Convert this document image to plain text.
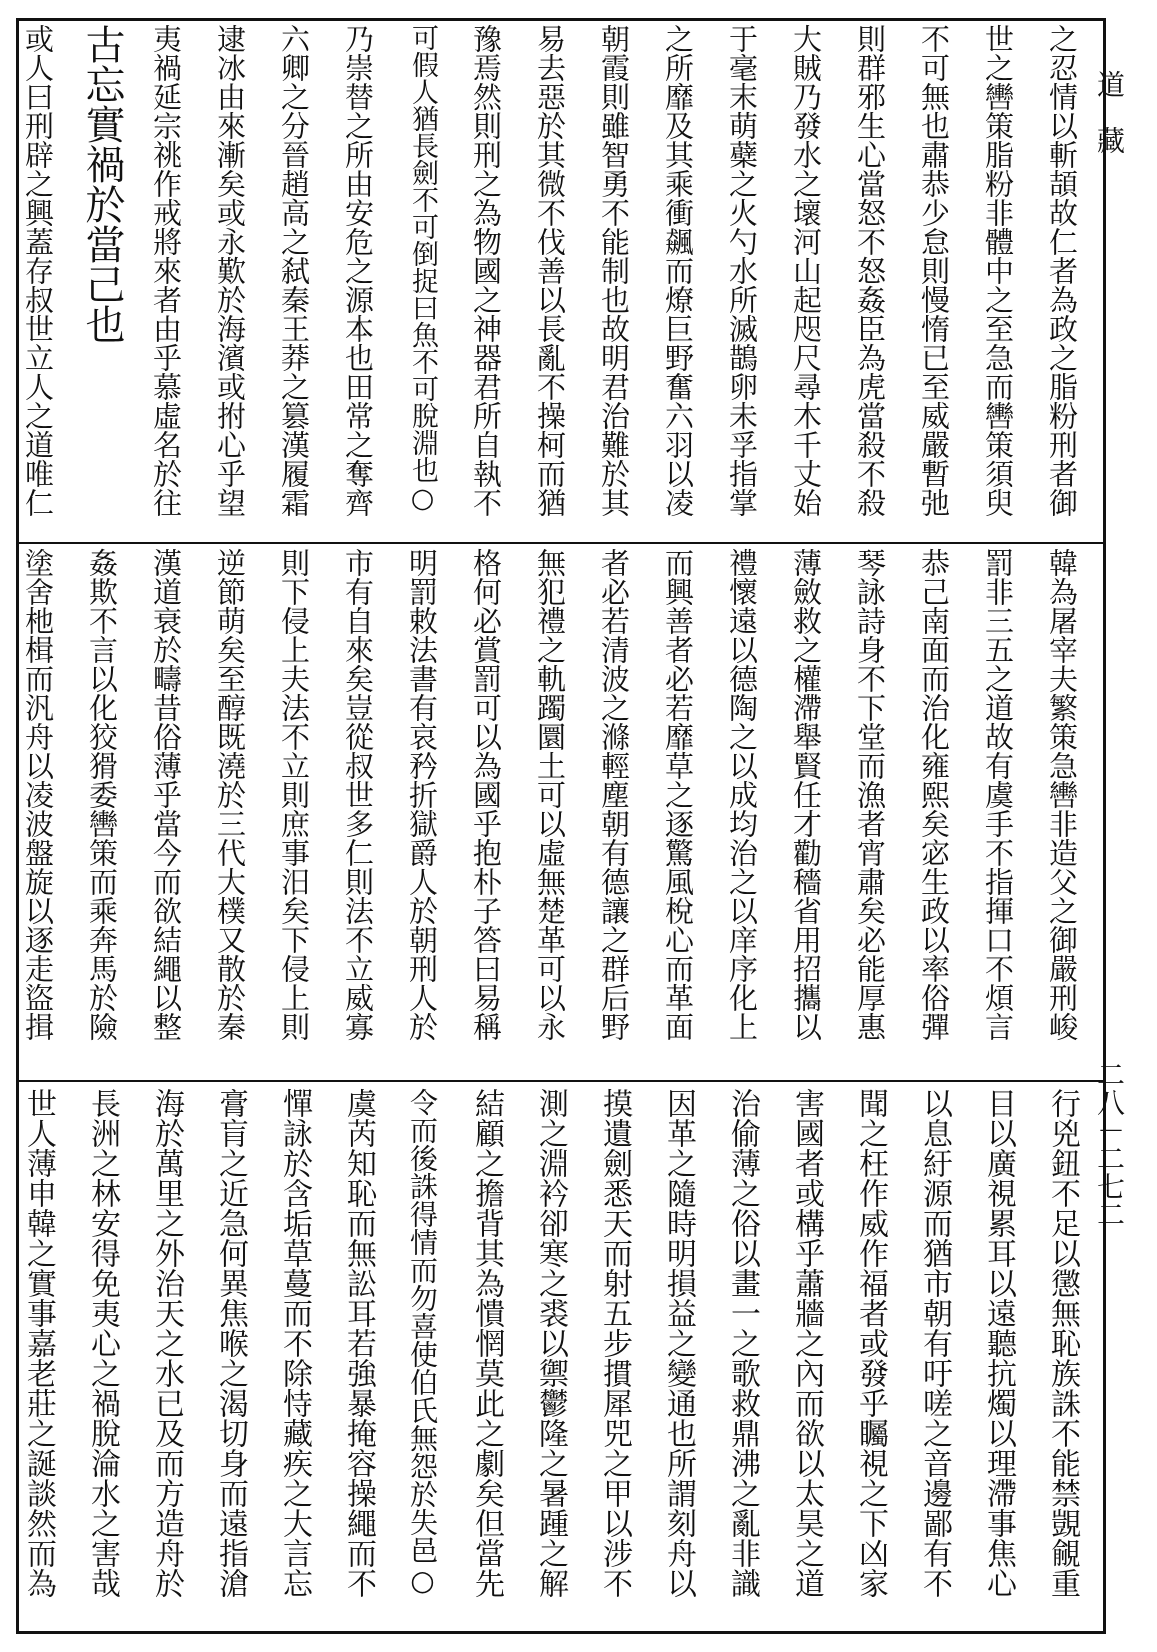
之忍情以斬頡故仁者為政之脂粉刑者御
世之轡策脂粉非體中之至急而轡策須臾
不可無也肅恭少怠則慢惰已至威嚴暫弛
則群邪生心當怒不怒姦臣為虎當殺不殺
大賊乃發水之壞河山起咫尺尋木千丈始
于毫末萌蘗之火勺水所滅鵲卵未孚指掌
之所靡及其乘衝飆而燎巨野奮六羽以凌
朝霞則雖智勇不能制也故明君治難於其
易去惡於其微不伐善以長亂不操柯而猶
豫焉然則刑之為物國之神器君所自執不
可假人猶長劍不可倒捉曰魚不可脫淵也○
乃崇替之所由安危之源本也田常之奪齊
六卿之分晉趙高之弑秦王莽之篡漢履霜
逮冰由來漸矣或永歎於海濱或拊心乎望
夷禍延宗祧作戒將來者由乎慕虛名於往
古忘實禍於當己也
或人曰刑辟之興蓋存叔世立人之道唯仁
韓為屠宰夫繁策急轡非造父之御嚴刑峻
罰非三五之道故有虞手不指揮口不煩言
恭己南面而治化雍熙矣宓生政以率俗彈
琴詠詩身不下堂而漁者宵肅矣必能厚惠
薄斂救之權滯舉賢任才勸穡省用招攜以
禮懷遠以德陶之以成均治之以庠序化上
而興善者必若靡草之逐驚風梲心而革面
者必若清波之滌輕塵朝有德讓之群后野
無犯禮之軌躅圜土可以虛無楚革可以永
格何必賞罰可以為國乎抱朴子答曰易稱
明罰敕法書有哀矜折獄爵人於朝刑人於
市有自來矣豈從叔世多仁則法不立威寡
則下侵上夫法不立則庶事汨矣下侵上則
逆節萌矣至醇既澆於三代大樸又散於秦
漢道衰於疇昔俗薄乎當今而欲結繩以整
姦欺不言以化狡猾委轡策而乘奔馬於險
塗舍杝楫而汎舟以凌波盤旋以逐走盜揖
行兇鈕不足以懲無恥族誅不能禁覬覦重
目以廣視累耳以遠聽抗燭以理滯事焦心
以息紆源而猶市朝有吁嗟之音邊鄙有不
聞之枉作威作福者或發乎矚視之下凶家
害國者或構乎蕭牆之內而欲以太昊之道
治偷薄之俗以畫一之歌救鼎沸之亂非識
因革之隨時明損益之變通也所謂刻舟以
摸遺劍悉天而射五步摜犀兕之甲以涉不
測之淵衿卻寒之裘以禦鬱隆之暑踵之解
結顧之擔背其為憒惘莫此之劇矣但當先
令而後誅得情而勿喜使伯氏無怨於失邑○
虞芮知恥而無訟耳若強暴掩容操繩而不
憚詠於含垢草蔓而不除恃藏疾之大言忘
膏肓之近急何異焦喉之渴切身而遠指滄
海於萬里之外治天之水已及而方造舟於
長洲之林安得免夷心之禍脫淪水之害哉
世人薄申韓之實事嘉老莊之誕談然而為
道　藏
二八－二七二
